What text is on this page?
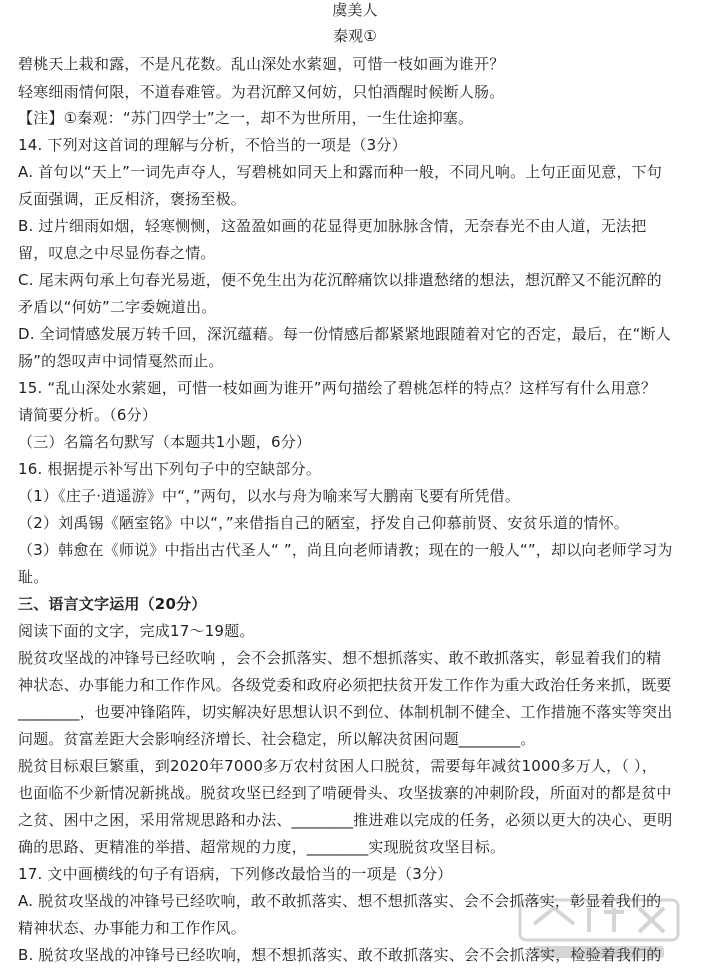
虞美人
秦观①
碧桃天上栽和露，不是凡花数。乱山深处水萦廻，可惜一枝如画为谁开？
轻寒细雨情何限，不道春难管。为君沉醉又何妨，只怕酒醒时候断人肠。
【注】①秦观：“苏门四学士”之一，却不为世所用，一生仕途抑塞。
14. 下列对这首词的理解与分析，不恰当的一项是（3分）
A. 首句以“天上”一词先声夺人，写碧桃如同天上和露而种一般，不同凡响。上句正面见意，下句
反面强调，正反相济，褒扬至极。
B. 过片细雨如烟，轻寒恻恻，这盈盈如画的花显得更加脉脉含情，无奈春光不由人道，无法把
留，叹息之中尽显伤春之情。
C. 尾末两句承上句春光易逝，便不免生出为花沉醉痛饮以排遣愁绪的想法，想沉醉又不能沉醉的
矛盾以“何妨”二字委婉道出。
D. 全词情感发展万转千回，深沉蕴藉。每一份情感后都紧紧地跟随着对它的否定，最后，在“断人
肠”的怨叹声中词情戛然而止。
15. “乱山深处水萦廻，可惜一枝如画为谁开”两句描绘了碧桃怎样的特点？这样写有什么用意？
请简要分析。（6分）
（三）名篇名句默写（本题共1小题，6分）
16. 根据提示补写出下列句子中的空缺部分。
（1）《庄子·逍遥游》中“，”两句，以水与舟为喻来写大鹏南飞要有所凭借。
（2）刘禹锡《陋室铭》中以“，”来借指自己的陋室，抒发自己仰慕前贤、安贫乐道的情怀。
（3）韩愈在《师说》中指出古代圣人“ ”，尚且向老师请教；现在的一般人“”，却以向老师学习为
耻。
三、语言文字运用（20分）
阅读下面的文字，完成17～19题。
脱贫攻坚战的冲锋号已经吹响 ，会不会抓落实、想不想抓落实、敢不敢抓落实，彰显着我们的精
神状态、办事能力和工作作风。各级党委和政府必须把扶贫开发工作作为重大政治任务来抓，既要
________，也要冲锋陷阵，切实解决好思想认识不到位、体制机制不健全、工作措施不落实等突出
问题。贫富差距大会影响经济增长、社会稳定，所以解决贫困问题________。
脱贫目标艰巨繁重，到2020年7000多万农村贫困人口脱贫，需要每年减贫1000多万人，（ ），
也面临不少新情况新挑战。脱贫攻坚已经到了啃硬骨头、攻坚拔寨的冲刺阶段，所面对的都是贫中
之贫、困中之困，采用常规思路和办法、________推进难以完成的任务，必须以更大的决心、更明
确的思路、更精准的举措、超常规的力度，________实现脱贫攻坚目标。
17. 文中画横线的句子有语病，下列修改最恰当的一项是（3分）
A. 脱贫攻坚战的冲锋号已经吹响，敢不敢抓落实、想不想抓落实、会不会抓落实，彰显着我们的
精神状态、办事能力和工作作风。
B. 脱贫攻坚战的冲锋号已经吹响，想不想抓落实、敢不敢抓落实、会不会抓落实，检验着我们的
